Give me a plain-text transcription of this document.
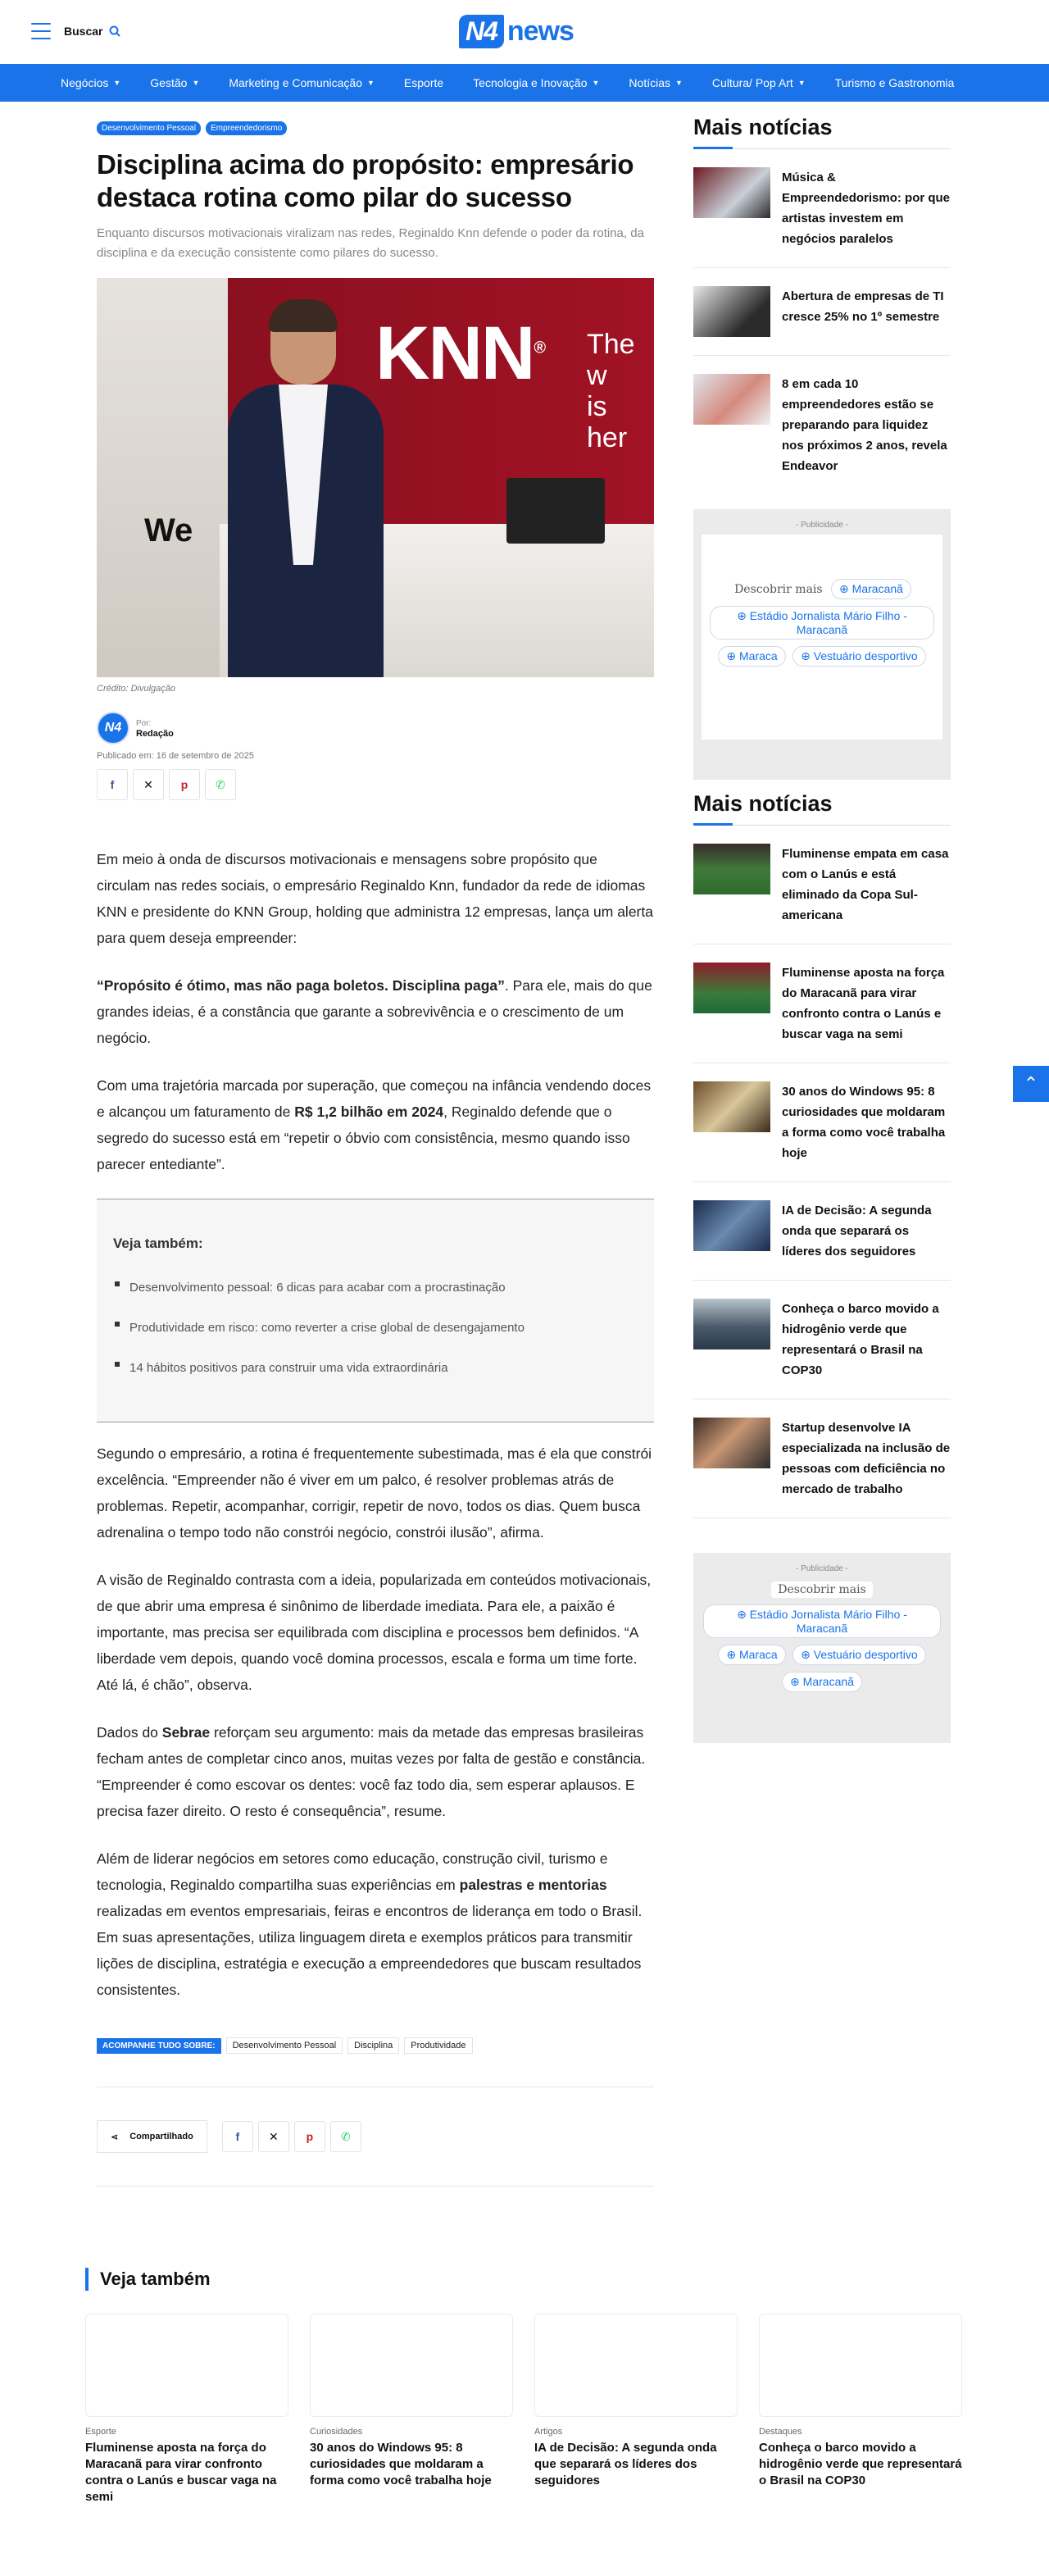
Buscar	N4 news
Negócios ▼	Gestão ▼	Marketing e Comunicação ▼	Esporte	Tecnologia e Inovação ▼	Notícias ▼	Cultura/ Pop Art ▼	Turismo e Gastronomia
Desenvolvimento Pessoal	Empreendedorismo
Disciplina acima do propósito: empresário destaca rotina como pilar do sucesso

Enquanto discursos motivacionais viralizam nas redes, Reginaldo Knn defende o poder da rotina, da disciplina e da execução consistente como pilares do sucesso.

KNN® The w
is her
We
Crédito: Divulgação
N4	Por:
Redação
Publicado em: 16 de setembro de 2025
f	✕ p ✆

Em meio à onda de discursos motivacionais e mensagens sobre propósito que circulam nas redes sociais, o empresário Reginaldo Knn, fundador da rede de idiomas KNN e presidente do KNN Group, holding que administra 12 empresas, lança um alerta para quem deseja empreender:

“Propósito é ótimo, mas não paga boletos. Disciplina paga”. Para ele, mais do que grandes ideias, é a constância que garante a sobrevivência e o crescimento de um negócio.

Com uma trajetória marcada por superação, que começou na infância vendendo doces e alcançou um faturamento de R$ 1,2 bilhão em 2024, Reginaldo defende que o segredo do sucesso está em “repetir o óbvio com consistência, mesmo quando isso parecer entediante”.

Veja também:
Desenvolvimento pessoal: 6 dicas para acabar com a procrastinação
Produtividade em risco: como reverter a crise global de desengajamento
14 hábitos positivos para construir uma vida extraordinária

Segundo o empresário, a rotina é frequentemente subestimada, mas é ela que constrói excelência. “Empreender não é viver em um palco, é resolver problemas atrás de problemas. Repetir, acompanhar, corrigir, repetir de novo, todos os dias. Quem busca adrenalina o tempo todo não constrói negócio, constrói ilusão”, afirma.

A visão de Reginaldo contrasta com a ideia, popularizada em conteúdos motivacionais, de que abrir uma empresa é sinônimo de liberdade imediata. Para ele, a paixão é importante, mas precisa ser equilibrada com disciplina e processos bem definidos. “A liberdade vem depois, quando você domina processos, escala e forma um time forte. Até lá, é chão”, observa.

Dados do Sebrae reforçam seu argumento: mais da metade das empresas brasileiras fecham antes de completar cinco anos, muitas vezes por falta de gestão e constância. “Empreender é como escovar os dentes: você faz todo dia, sem esperar aplausos. E precisa fazer direito. O resto é consequência”, resume.

Além de liderar negócios em setores como educação, construção civil, turismo e tecnologia, Reginaldo compartilha suas experiências em palestras e mentorias realizadas em eventos empresariais, feiras e encontros de liderança em todo o Brasil. Em suas apresentações, utiliza linguagem direta e exemplos práticos para transmitir lições de disciplina, estratégia e execução a empreendedores que buscam resultados consistentes.

ACOMPANHE TUDO SOBRE:	Desenvolvimento Pessoal	Disciplina	Produtividade
⋖ Compartilhado	f	✕ p ✆
Mais notícias
Música & Empreendedorismo: por que artistas investem em negócios paralelos
Abertura de empresas de TI cresce 25% no 1º semestre
8 em cada 10 empreendedores estão se preparando para liquidez nos próximos 2 anos, revela Endeavor
- Publicidade -
Descobrir mais ⊕ Maracanã ⊕ Estádio Jornalista Mário Filho - Maracanã ⊕ Maraca ⊕ Vestuário desportivo
Mais notícias
Fluminense empata em casa com o Lanús e está eliminado da Copa Sul-americana
Fluminense aposta na força do Maracanã para virar confronto contra o Lanús e buscar vaga na semi
30 anos do Windows 95: 8 curiosidades que moldaram a forma como você trabalha hoje
IA de Decisão: A segunda onda que separará os líderes dos seguidores
Conheça o barco movido a hidrogênio verde que representará o Brasil na COP30
Startup desenvolve IA especializada na inclusão de pessoas com deficiência no mercado de trabalho
- Publicidade -
Descobrir mais ⊕ Estádio Jornalista Mário Filho - Maracanã ⊕ Maraca ⊕ Vestuário desportivo ⊕ Maracanã
⌃
Veja também
Esporte
Fluminense aposta na força do Maracanã para virar confronto contra o Lanús e buscar vaga na semi
Curiosidades
30 anos do Windows 95: 8 curiosidades que moldaram a forma como você trabalha hoje
Artigos
IA de Decisão: A segunda onda que separará os líderes dos seguidores
Destaques
Conheça o barco movido a hidrogênio verde que representará o Brasil na COP30
